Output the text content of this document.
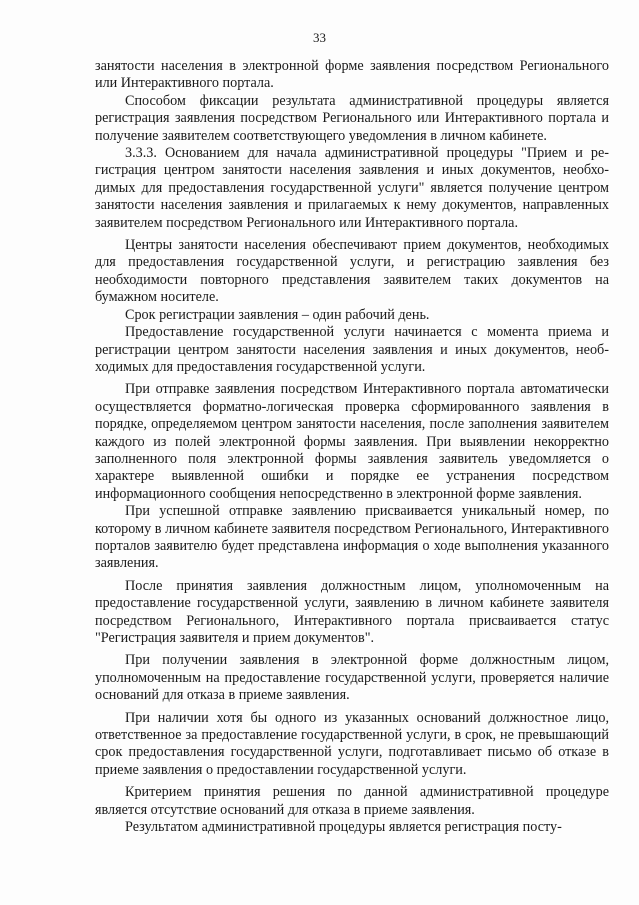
33

занятости населения в электронной форме заявления посредством Регионального или Интерактивного портала.

Способом фиксации результата административной процедуры является регистрация заявления посредством Регионального или Интерактивного портала и получение заявителем соответствующего уведомления в личном кабинете.

3.3.3. Основанием для начала административной процедуры "Прием и регистрация центром занятости населения заявления и иных документов, необходимых для предоставления государственной услуги" является получение центром занятости населения заявления и прилагаемых к нему документов, направленных заявителем посредством Регионального или Интерактивного портала.

Центры занятости населения обеспечивают прием документов, необходимых для предоставления государственной услуги, и регистрацию заявления без необходимости повторного представления заявителем таких документов на бумажном носителе.

Срок регистрации заявления – один рабочий день.

Предоставление государственной услуги начинается с момента приема и регистрации центром занятости населения заявления и иных документов, необходимых для предоставления государственной услуги.

При отправке заявления посредством Интерактивного портала автоматически осуществляется форматно-логическая проверка сформированного заявления в порядке, определяемом центром занятости населения, после заполнения заявителем каждого из полей электронной формы заявления. При выявлении некорректно заполненного поля электронной формы заявления заявитель уведомляется о характере выявленной ошибки и порядке ее устранения посредством информационного сообщения непосредственно в электронной форме заявления.

При успешной отправке заявлению присваивается уникальный номер, по которому в личном кабинете заявителя посредством Регионального, Интерактивного порталов заявителю будет представлена информация о ходе выполнения указанного заявления.

После принятия заявления должностным лицом, уполномоченным на предоставление государственной услуги, заявлению в личном кабинете заявителя посредством Регионального, Интерактивного портала присваивается статус "Регистрация заявителя и прием документов".

При получении заявления в электронной форме должностным лицом, уполномоченным на предоставление государственной услуги, проверяется наличие оснований для отказа в приеме заявления.

При наличии хотя бы одного из указанных оснований должностное лицо, ответственное за предоставление государственной услуги, в срок, не превышающий срок предоставления государственной услуги, подготавливает письмо об отказе в приеме заявления о предоставлении государственной услуги.

Критерием принятия решения по данной административной процедуре является отсутствие оснований для отказа в приеме заявления.

Результатом административной процедуры является регистрация посту-
